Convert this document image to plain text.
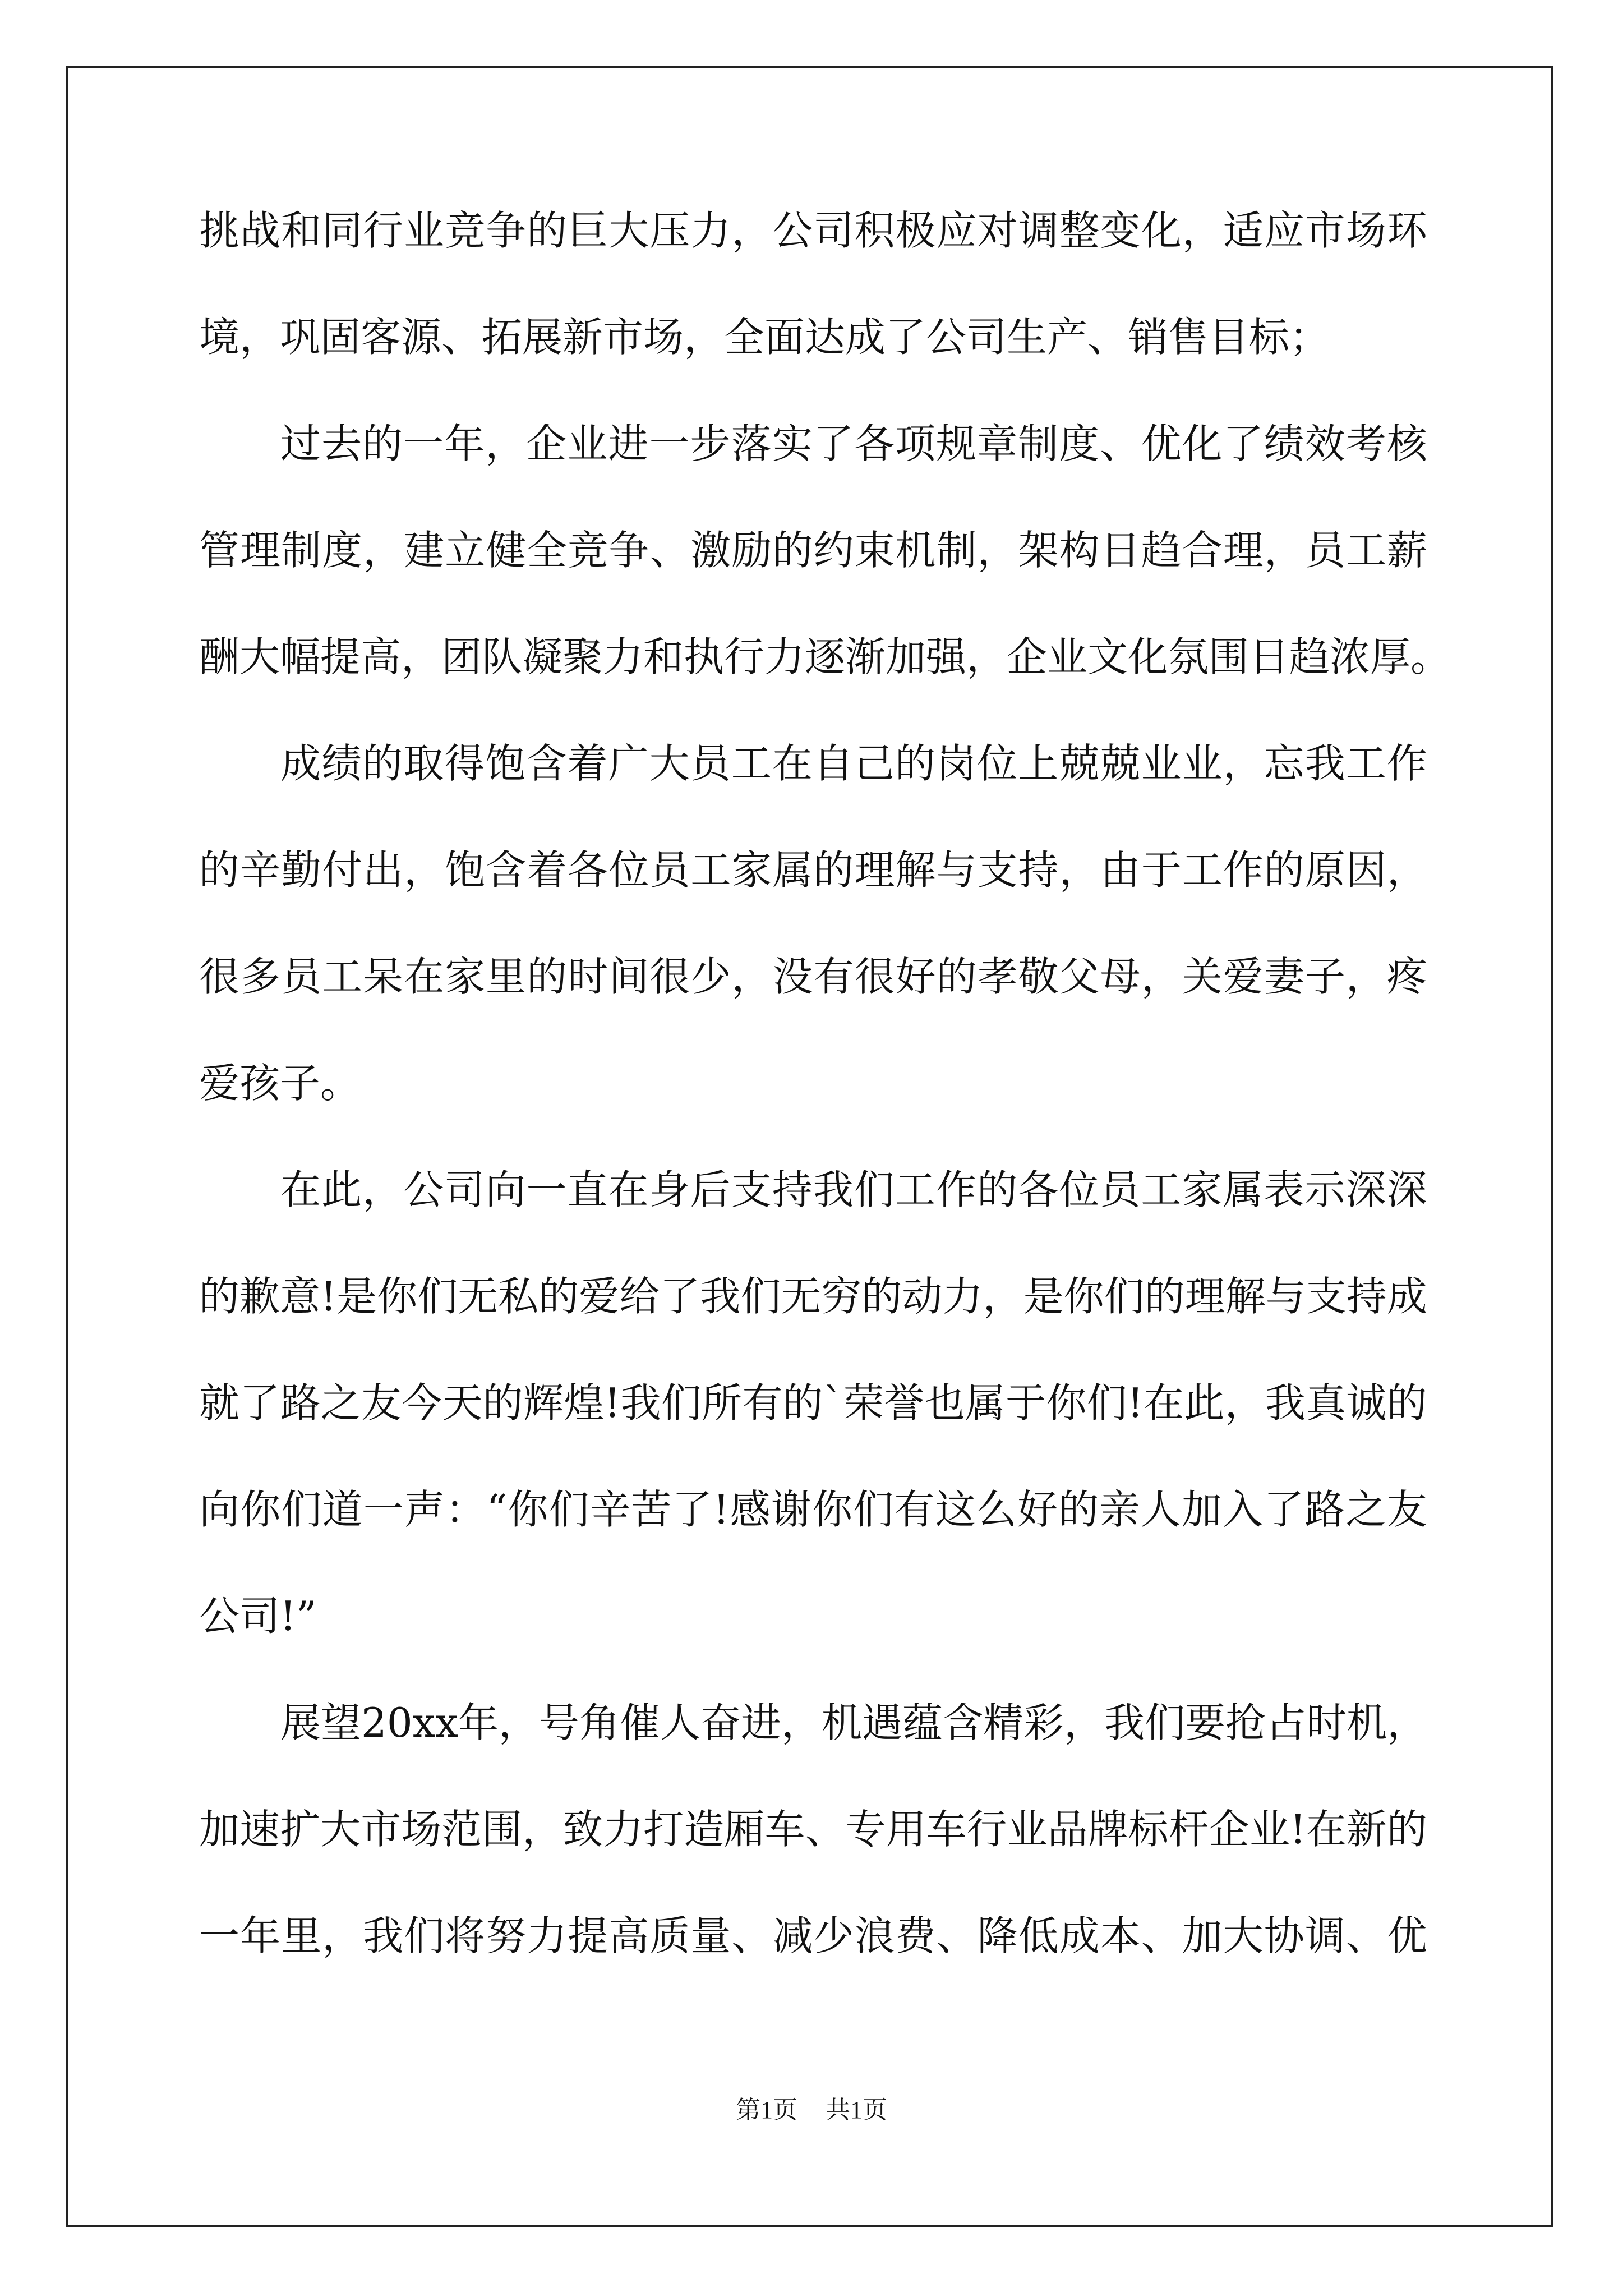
挑 战 和 同 行 业 竞 争 的 巨 大 压 力 ， 公 司 积 极 应 对 调 整 变 化 ， 适 应 市 场 环
境，巩固客源、拓展新市场，全面达成了公司生产、销售目标；
过 去 的 一 年 ， 企 业 进 一 步 落 实 了 各 项 规 章 制 度 、 优 化 了 绩 效 考 核
管 理 制 度 ， 建 立 健 全 竞 争 、 激 励 的 约 束 机 制 ， 架 构 日 趋 合 理 ， 员 工 薪
酬大幅提高，团队凝聚力和执行力逐渐加强，企业文化氛围日趋浓厚。
成 绩 的 取 得 饱 含 着 广 大 员 工 在 自 己 的 岗 位 上 兢 兢 业 业 ， 忘 我 工 作
的 辛 勤 付 出 ， 饱 含 着 各 位 员 工 家 属 的 理 解 与 支 持 ， 由 于 工 作 的 原 因 ，
很 多 员 工 呆 在 家 里 的 时 间 很 少 ， 没 有 很 好 的 孝 敬 父 母 ， 关 爱 妻 子 ， 疼
爱孩子。
在 此 ， 公 司 向 一 直 在 身 后 支 持 我 们 工 作 的 各 位 员 工 家 属 表 示 深 深
的 歉 意 ! 是 你 们 无 私 的 爱 给 了 我 们 无 穷 的 动 力 ， 是 你 们 的 理 解 与 支 持 成
就 了 路 之 友 今 天 的 辉 煌 ! 我 们 所 有 的 ` 荣 誉 也 属 于 你 们 ! 在 此 ， 我 真 诚 的
向 你 们 道 一 声 ： “ 你 们 辛 苦 了 ! 感 谢 你 们 有 这 么 好 的 亲 人 加 入 了 路 之 友
公司!”
展 望 2 0 x x 年 ， 号 角 催 人 奋 进 ， 机 遇 蕴 含 精 彩 ， 我 们 要 抢 占 时 机 ，
加 速 扩 大 市 场 范 围 ， 致 力 打 造 厢 车 、 专 用 车 行 业 品 牌 标 杆 企 业 ! 在 新 的
一 年 里 ， 我 们 将 努 力 提 高 质 量 、 减 少 浪 费 、 降 低 成 本 、 加 大 协 调 、 优
第1页 共1页
